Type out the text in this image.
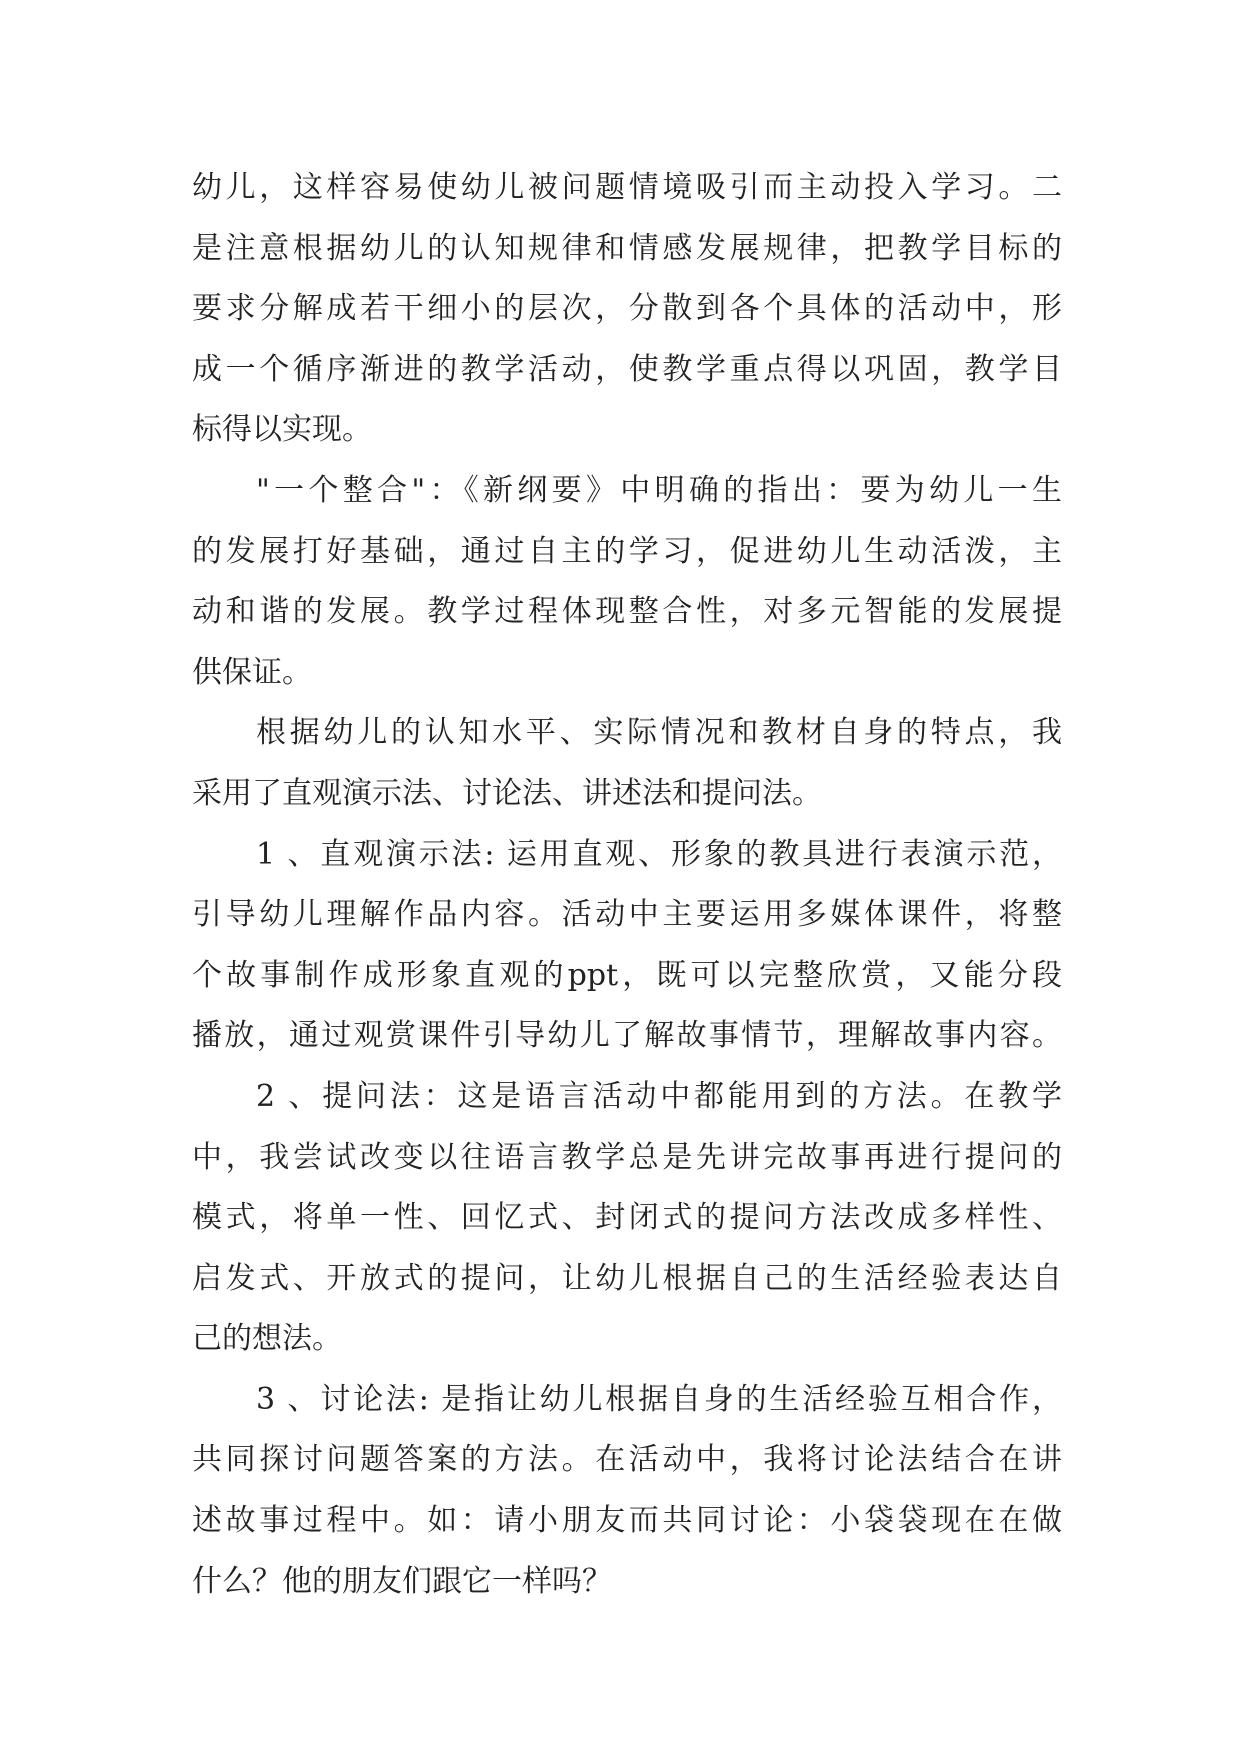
幼儿，这样容易使幼儿被问题情境吸引而主动投入学习。二
是注意根据幼儿的认知规律和情感发展规律，把教学目标的
要求分解成若干细小的层次，分散到各个具体的活动中，形
成一个循序渐进的教学活动，使教学重点得以巩固，教学目
标得以实现。
"一个整合"：《新纲要》中明确的指出：要为幼儿一生
的发展打好基础，通过自主的学习，促进幼儿生动活泼，主
动和谐的发展。教学过程体现整合性，对多元智能的发展提
供保证。
根据幼儿的认知水平、实际情况和教材自身的特点，我
采用了直观演示法、讨论法、讲述法和提问法。
1 、直观演示法: 运用直观、形象的教具进行表演示范，
引导幼儿理解作品内容。活动中主要运用多媒体课件，将整
个故事制作成形象直观的ppt，既可以完整欣赏，又能分段
播放，通过观赏课件引导幼儿了解故事情节，理解故事内容。
2 、提问法：这是语言活动中都能用到的方法。在教学
中，我尝试改变以往语言教学总是先讲完故事再进行提问的
模式，将单一性、回忆式、封闭式的提问方法改成多样性、
启发式、开放式的提问，让幼儿根据自己的生活经验表达自
己的想法。
3 、讨论法: 是指让幼儿根据自身的生活经验互相合作，
共同探讨问题答案的方法。在活动中，我将讨论法结合在讲
述故事过程中。如：请小朋友而共同讨论：小袋袋现在在做
什么？他的朋友们跟它一样吗？
